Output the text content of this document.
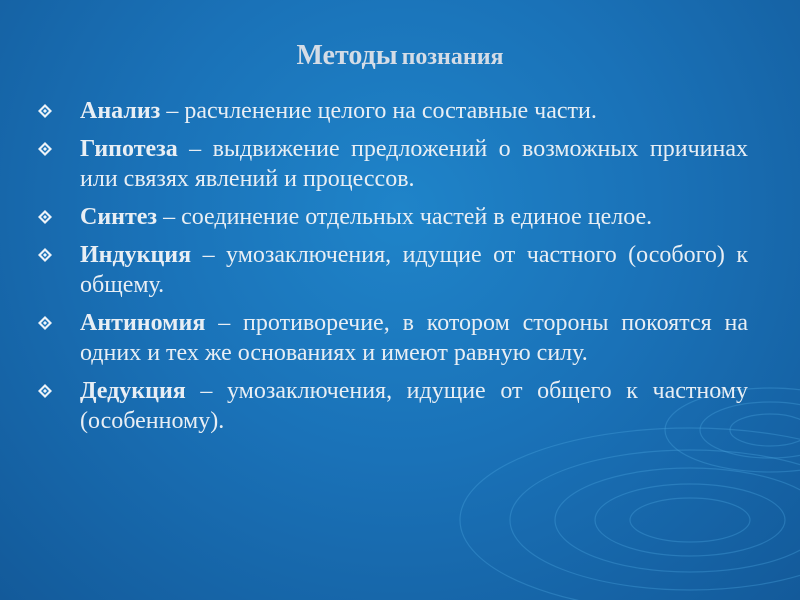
Методы познания
Анализ – расчленение целого на составные части.
Гипотеза – выдвижение предложений о возможных причинах или связях явлений и процессов.
Синтез – соединение отдельных частей в единое целое.
Индукция – умозаключения, идущие от частного (особого) к общему.
Антиномия – противоречие, в котором стороны покоятся на одних и тех же основаниях и имеют равную силу.
Дедукция – умозаключения, идущие от общего к частному (особенному).
